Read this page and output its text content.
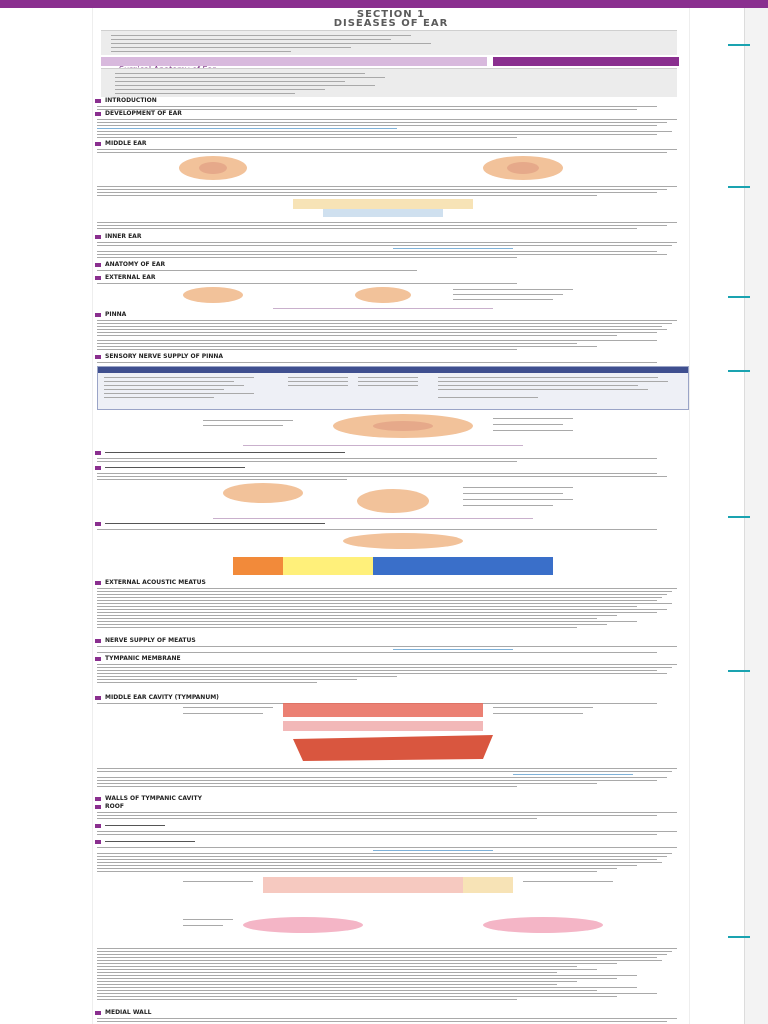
SECTION 1
DISEASES OF EAR
INTRODUCTION
DEVELOPMENT OF EAR
MIDDLE EAR
INNER EAR
ANATOMY OF EAR
EXTERNAL EAR
PINNA
SENSORY NERVE SUPPLY OF PINNA
EXTERNAL ACOUSTIC MEATUS
NERVE SUPPLY OF MEATUS
TYMPANIC MEMBRANE
MIDDLE EAR CAVITY (TYMPANUM)
WALLS OF TYMPANIC CAVITY
ROOF
MEDIAL WALL
